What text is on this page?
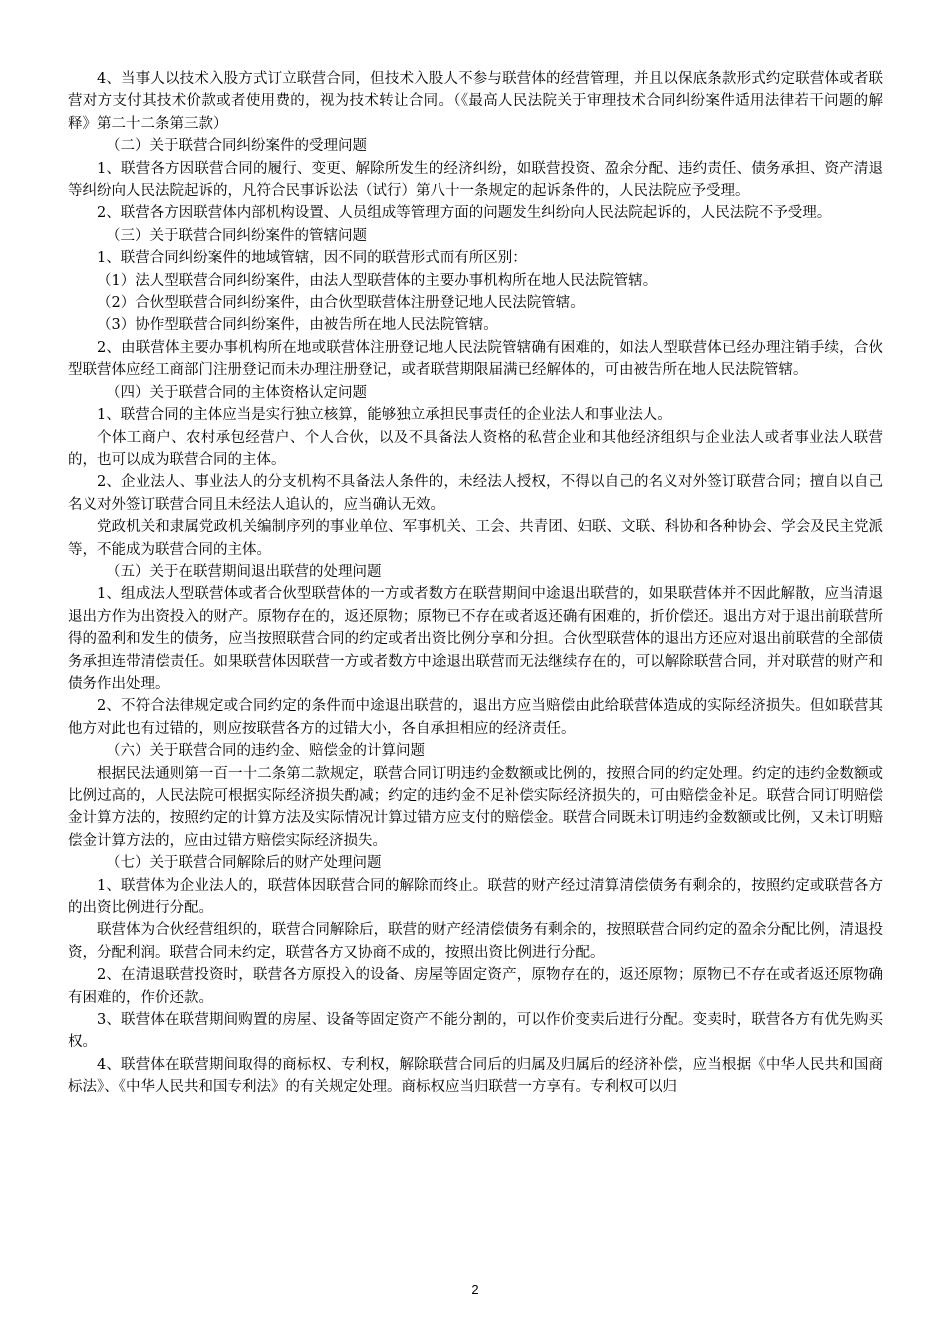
4、当事人以技术入股方式订立联营合同，但技术入股人不参与联营体的经营管理，并且以保底条款形式约定联营体或者联营对方支付其技术价款或者使用费的，视为技术转让合同。（《最高人民法院关于审理技术合同纠纷案件适用法律若干问题的解释》第二十二条第三款）

（二）关于联营合同纠纷案件的受理问题

1、联营各方因联营合同的履行、变更、解除所发生的经济纠纷，如联营投资、盈余分配、违约责任、债务承担、资产清退等纠纷向人民法院起诉的，凡符合民事诉讼法（试行）第八十一条规定的起诉条件的，人民法院应予受理。

2、联营各方因联营体内部机构设置、人员组成等管理方面的问题发生纠纷向人民法院起诉的，人民法院不予受理。

（三）关于联营合同纠纷案件的管辖问题

1、联营合同纠纷案件的地域管辖，因不同的联营形式而有所区别：

（1）法人型联营合同纠纷案件，由法人型联营体的主要办事机构所在地人民法院管辖。

（2）合伙型联营合同纠纷案件，由合伙型联营体注册登记地人民法院管辖。

（3）协作型联营合同纠纷案件，由被告所在地人民法院管辖。

2、由联营体主要办事机构所在地或联营体注册登记地人民法院管辖确有困难的，如法人型联营体已经办理注销手续，合伙型联营体应经工商部门注册登记而未办理注册登记，或者联营期限届满已经解体的，可由被告所在地人民法院管辖。

（四）关于联营合同的主体资格认定问题

1、联营合同的主体应当是实行独立核算，能够独立承担民事责任的企业法人和事业法人。

个体工商户、农村承包经营户、个人合伙，以及不具备法人资格的私营企业和其他经济组织与企业法人或者事业法人联营的，也可以成为联营合同的主体。

2、企业法人、事业法人的分支机构不具备法人条件的，未经法人授权，不得以自己的名义对外签订联营合同；擅自以自己名义对外签订联营合同且未经法人追认的，应当确认无效。

党政机关和隶属党政机关编制序列的事业单位、军事机关、工会、共青团、妇联、文联、科协和各种协会、学会及民主党派等，不能成为联营合同的主体。

（五）关于在联营期间退出联营的处理问题

1、组成法人型联营体或者合伙型联营体的一方或者数方在联营期间中途退出联营的，如果联营体并不因此解散，应当清退退出方作为出资投入的财产。原物存在的，返还原物；原物已不存在或者返还确有困难的，折价偿还。退出方对于退出前联营所得的盈利和发生的债务，应当按照联营合同的约定或者出资比例分享和分担。合伙型联营体的退出方还应对退出前联营的全部债务承担连带清偿责任。如果联营体因联营一方或者数方中途退出联营而无法继续存在的，可以解除联营合同，并对联营的财产和债务作出处理。

2、不符合法律规定或合同约定的条件而中途退出联营的，退出方应当赔偿由此给联营体造成的实际经济损失。但如联营其他方对此也有过错的，则应按联营各方的过错大小，各自承担相应的经济责任。

（六）关于联营合同的违约金、赔偿金的计算问题

根据民法通则第一百一十二条第二款规定，联营合同订明违约金数额或比例的，按照合同的约定处理。约定的违约金数额或比例过高的，人民法院可根据实际经济损失酌减；约定的违约金不足补偿实际经济损失的，可由赔偿金补足。联营合同订明赔偿金计算方法的，按照约定的计算方法及实际情况计算过错方应支付的赔偿金。联营合同既未订明违约金数额或比例，又未订明赔偿金计算方法的，应由过错方赔偿实际经济损失。

（七）关于联营合同解除后的财产处理问题

1、联营体为企业法人的，联营体因联营合同的解除而终止。联营的财产经过清算清偿债务有剩余的，按照约定或联营各方的出资比例进行分配。

联营体为合伙经营组织的，联营合同解除后，联营的财产经清偿债务有剩余的，按照联营合同约定的盈余分配比例，清退投资，分配利润。联营合同未约定，联营各方又协商不成的，按照出资比例进行分配。

2、在清退联营投资时，联营各方原投入的设备、房屋等固定资产，原物存在的，返还原物；原物已不存在或者返还原物确有困难的，作价还款。

3、联营体在联营期间购置的房屋、设备等固定资产不能分割的，可以作价变卖后进行分配。变卖时，联营各方有优先购买权。

4、联营体在联营期间取得的商标权、专利权，解除联营合同后的归属及归属后的经济补偿，应当根据《中华人民共和国商标法》、《中华人民共和国专利法》的有关规定处理。商标权应当归联营一方享有。专利权可以归

2
